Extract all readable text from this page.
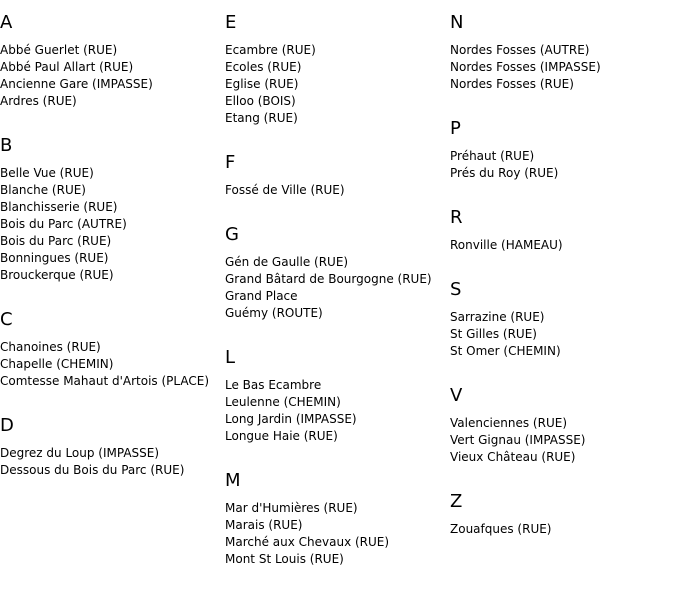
A
Abbé Guerlet (RUE)
Abbé Paul Allart (RUE)
Ancienne Gare (IMPASSE)
Ardres (RUE)
B
Belle Vue (RUE)
Blanche (RUE)
Blanchisserie (RUE)
Bois du Parc (AUTRE)
Bois du Parc (RUE)
Bonningues (RUE)
Brouckerque (RUE)
C
Chanoines (RUE)
Chapelle (CHEMIN)
Comtesse Mahaut d'Artois (PLACE)
D
Degrez du Loup (IMPASSE)
Dessous du Bois du Parc (RUE)
E
Ecambre (RUE)
Ecoles (RUE)
Eglise (RUE)
Elloo (BOIS)
Etang (RUE)
F
Fossé de Ville (RUE)
G
Gén de Gaulle (RUE)
Grand Bâtard de Bourgogne (RUE)
Grand Place
Guémy (ROUTE)
L
Le Bas Ecambre
Leulenne (CHEMIN)
Long Jardin (IMPASSE)
Longue Haie (RUE)
M
Mar d'Humières (RUE)
Marais (RUE)
Marché aux Chevaux (RUE)
Mont St Louis (RUE)
N
Nordes Fosses (AUTRE)
Nordes Fosses (IMPASSE)
Nordes Fosses (RUE)
P
Préhaut (RUE)
Prés du Roy (RUE)
R
Ronville (HAMEAU)
S
Sarrazine (RUE)
St Gilles (RUE)
St Omer (CHEMIN)
V
Valenciennes (RUE)
Vert Gignau (IMPASSE)
Vieux Château (RUE)
Z
Zouafques (RUE)
